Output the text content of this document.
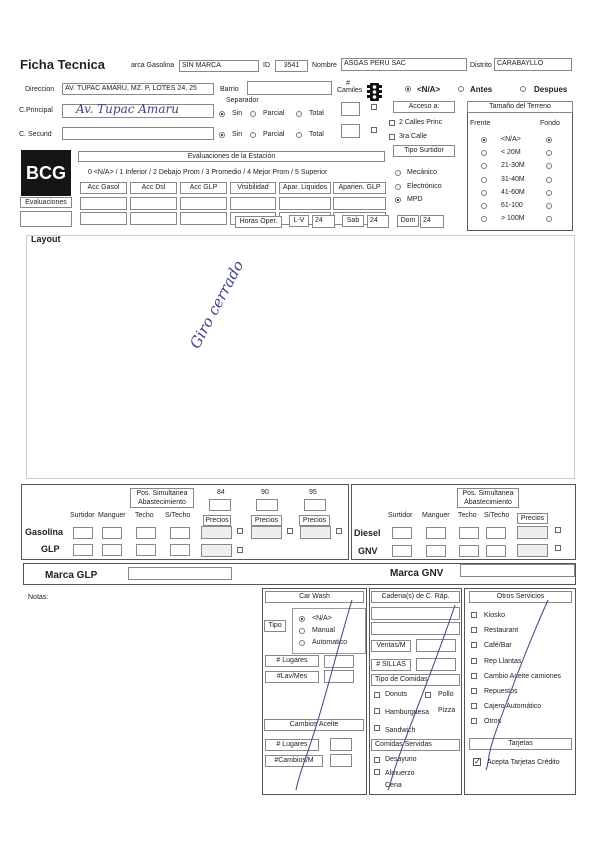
Ficha Tecnica	arca Gasolina	SIN MARCA	ID	3541	Nombre	ASGAS PERU SAC	Distrito CARABAYLLO
Direccion	AV. TUPAC AMARU, MZ. P, LOTES 24, 25	Barrio
# Camiles	<N/A>	Antes	Despues
C.Principal Av. Tupac Amaru
Separador
Sin	Parcial	Total
C. Secund	Sin	Parcial	Total
Acceso a:
2 Calles Princ
3ra Calle
Tipo Surtidor
Mecánico
Electrónico
MPD
Tamaño del Terreno
Frente	Fondo
<N/A>
< 20M
21-30M
31-40M
41-60M
61-100
> 100M
BCG
Evaluaciones
Evaluaciones de la Estación
0 <N/A> / 1 Inferior / 2 Debajo Prom / 3 Promedio / 4 Mejor Prom / 5 Superior
Acc Gasol	Acc Dsl	Acc GLP	Visibilidad	Apar. Liquidos	Aparien. GLP
Horas Oper.	L-V	24	Sab	24	Dom	24
Layout
Giro cerrado
Pos. Simultanea Abastecimiento
84	90	95
Precios	Precios	Precios
Surtidor Manguer Techo S/Techo
Gasolina
GLP
Pos. Simultanea Abastecimiento
Surtidor Manguer Techo S/Techo	Precios
Diesel
GNV
Marca GLP	Marca GNV
Notas:	Car Wash
Tipo
<N/A>
Manual
Automatico
# Lugares
#Lav/Mes
Cambios Aceite
# Lugares
#Cambios/M
Cadena(s) de C. Ráp.
Ventas/M
# SILLAS
Tipo de Comidas
Donuts	Pollo
Hamburguesa Pizza
Sandwich
Comidas Servidas
Desayuno
Almuerzo
Cena
Otros Servicios
Kiosko
Restaurant
Café/Bar
Rep Llantas
Cambio Aceite camiones
Repuestos
Cajero Automático
Otros
Tarjetas
✓ Acepta Tarjetas Crédito
